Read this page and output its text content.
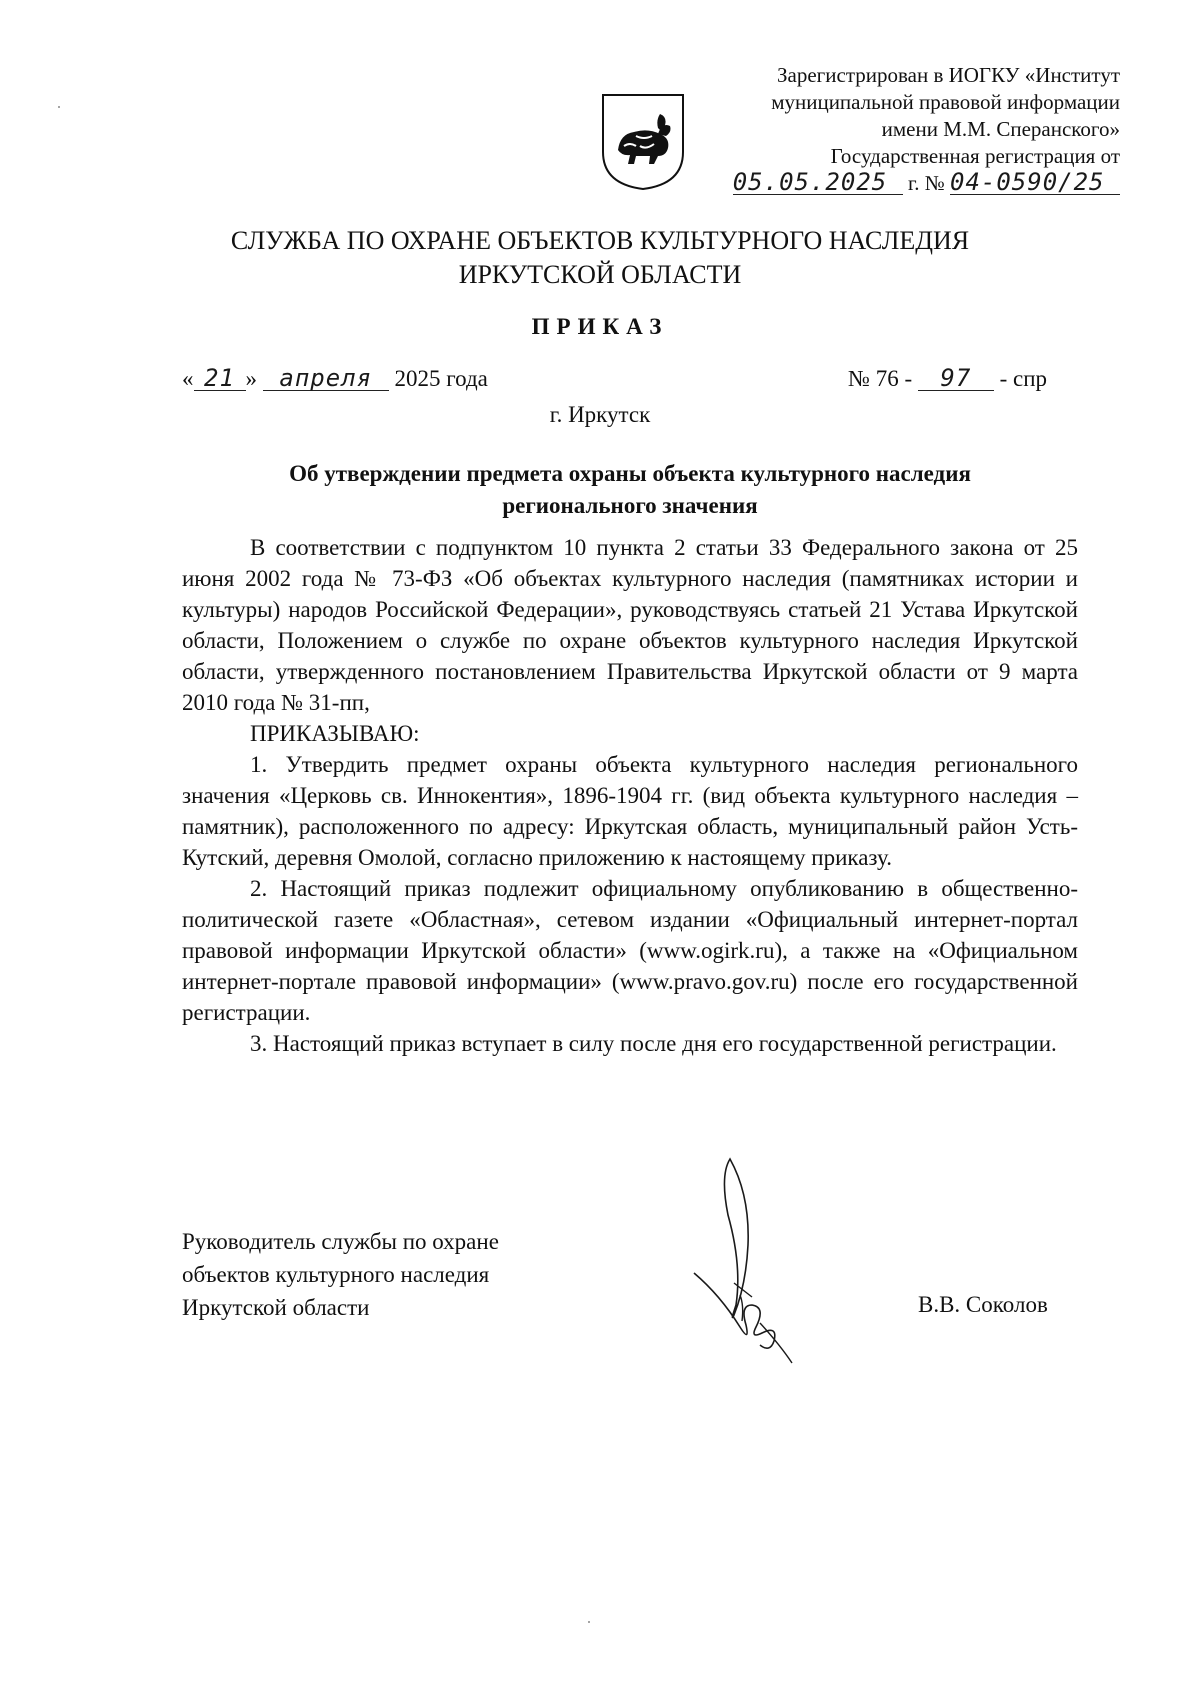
Зарегистрирован в ИОГКУ «Институт
муниципальной правовой информации
имени М.М. Сперанского»
Государственная регистрация от
05.05.2025 г. № 04-0590/25
СЛУЖБА ПО ОХРАНЕ ОБЪЕКТОВ КУЛЬТУРНОГО НАСЛЕДИЯ
ИРКУТСКОЙ ОБЛАСТИ
ПРИКАЗ
« 21 » апреля 2025 года	№ 76 - 97 - спр
г. Иркутск
Об утверждении предмета охраны объекта культурного наследия
регионального значения

В соответствии с подпунктом 10 пункта 2 статьи 33 Федерального закона от 25 июня 2002 года № 73-ФЗ «Об объектах культурного наследия (памятниках истории и культуры) народов Российской Федерации», руководствуясь статьей 21 Устава Иркутской области, Положением о службе по охране объектов культурного наследия Иркутской области, утвержденного постановлением Правительства Иркутской области от 9 марта 2010 года № 31-пп,

ПРИКАЗЫВАЮ:

1. Утвердить предмет охраны объекта культурного наследия регионального значения «Церковь св. Иннокентия», 1896-1904 гг. (вид объекта культурного наследия – памятник), расположенного по адресу: Иркутская область, муниципальный район Усть-Кутский, деревня Омолой, согласно приложению к настоящему приказу.

2. Настоящий приказ подлежит официальному опубликованию в общественно-политической газете «Областная», сетевом издании «Официальный интернет-портал правовой информации Иркутской области» (www.ogirk.ru), а также на «Официальном интернет-портале правовой информации» (www.pravo.gov.ru) после его государственной регистрации.

3. Настоящий приказ вступает в силу после дня его государственной регистрации.

Руководитель службы по охране
объектов культурного наследия
Иркутской области	В.В. Соколов
